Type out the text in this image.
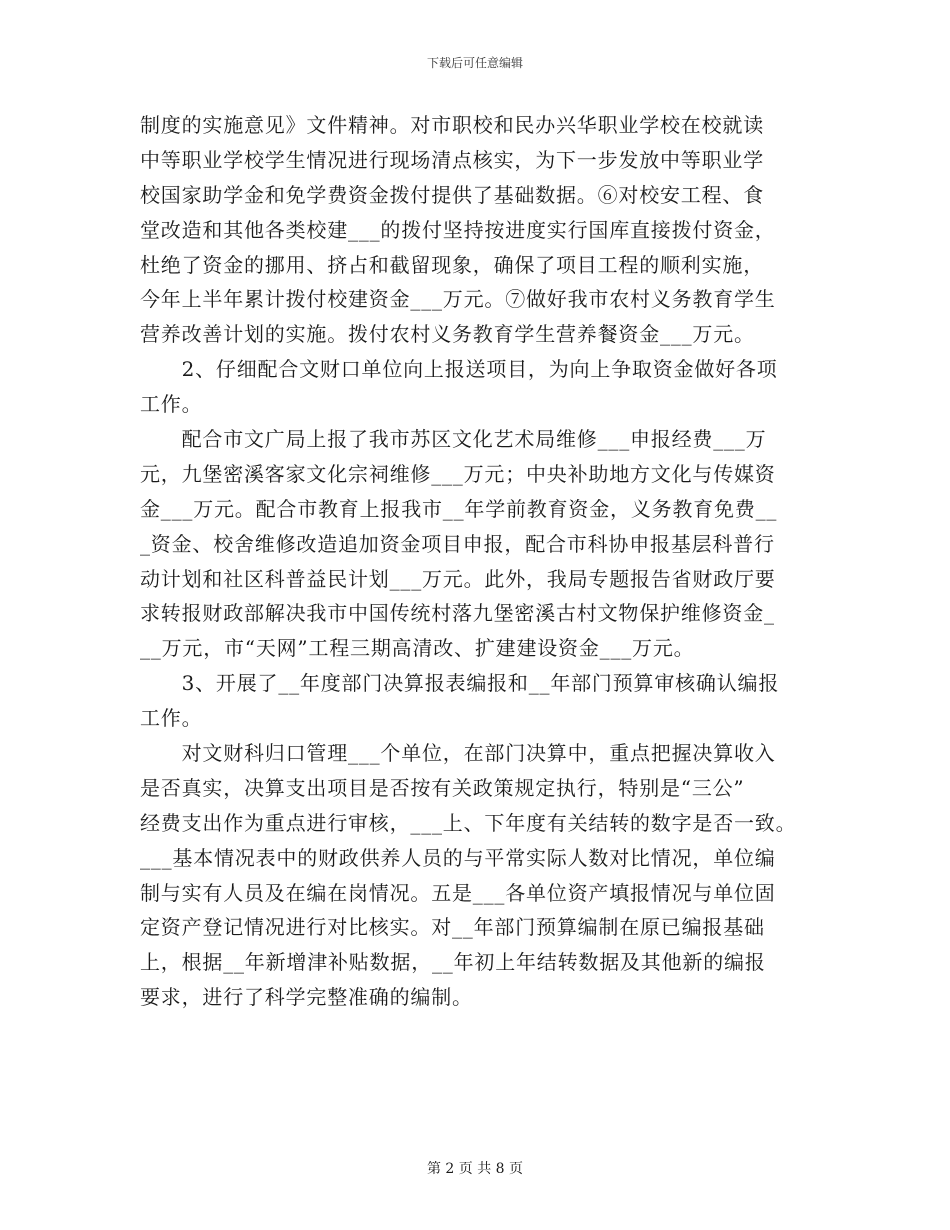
下载后可任意编辑
制度的实施意见》文件精神。对市职校和民办兴华职业学校在校就读
中等职业学校学生情况进行现场清点核实，为下一步发放中等职业学
校国家助学金和免学费资金拨付提供了基础数据。⑥对校安工程、食
堂改造和其他各类校建___的拨付坚持按进度实行国库直接拨付资金，
杜绝了资金的挪用、挤占和截留现象，确保了项目工程的顺利实施，
今年上半年累计拨付校建资金___万元。⑦做好我市农村义务教育学生
营养改善计划的实施。拨付农村义务教育学生营养餐资金___万元。
　　2、仔细配合文财口单位向上报送项目，为向上争取资金做好各项
工作。
　　配合市文广局上报了我市苏区文化艺术局维修___申报经费___万
元，九堡密溪客家文化宗祠维修___万元；中央补助地方文化与传媒资
金___万元。配合市教育上报我市__年学前教育资金，义务教育免费__
_资金、校舍维修改造追加资金项目申报，配合市科协申报基层科普行
动计划和社区科普益民计划___万元。此外，我局专题报告省财政厅要
求转报财政部解决我市中国传统村落九堡密溪古村文物保护维修资金_
__万元，市“天网”工程三期高清改、扩建建设资金___万元。
　　3、开展了__年度部门决算报表编报和__年部门预算审核确认编报
工作。
　　对文财科归口管理___个单位，在部门决算中，重点把握决算收入
是否真实，决算支出项目是否按有关政策规定执行，特别是“三公”
经费支出作为重点进行审核，___上、下年度有关结转的数字是否一致。
___基本情况表中的财政供养人员的与平常实际人数对比情况，单位编
制与实有人员及在编在岗情况。五是___各单位资产填报情况与单位固
定资产登记情况进行对比核实。对__年部门预算编制在原已编报基础
上，根据__年新增津补贴数据，__年初上年结转数据及其他新的编报
要求，进行了科学完整准确的编制。
第 2 页 共 8 页
